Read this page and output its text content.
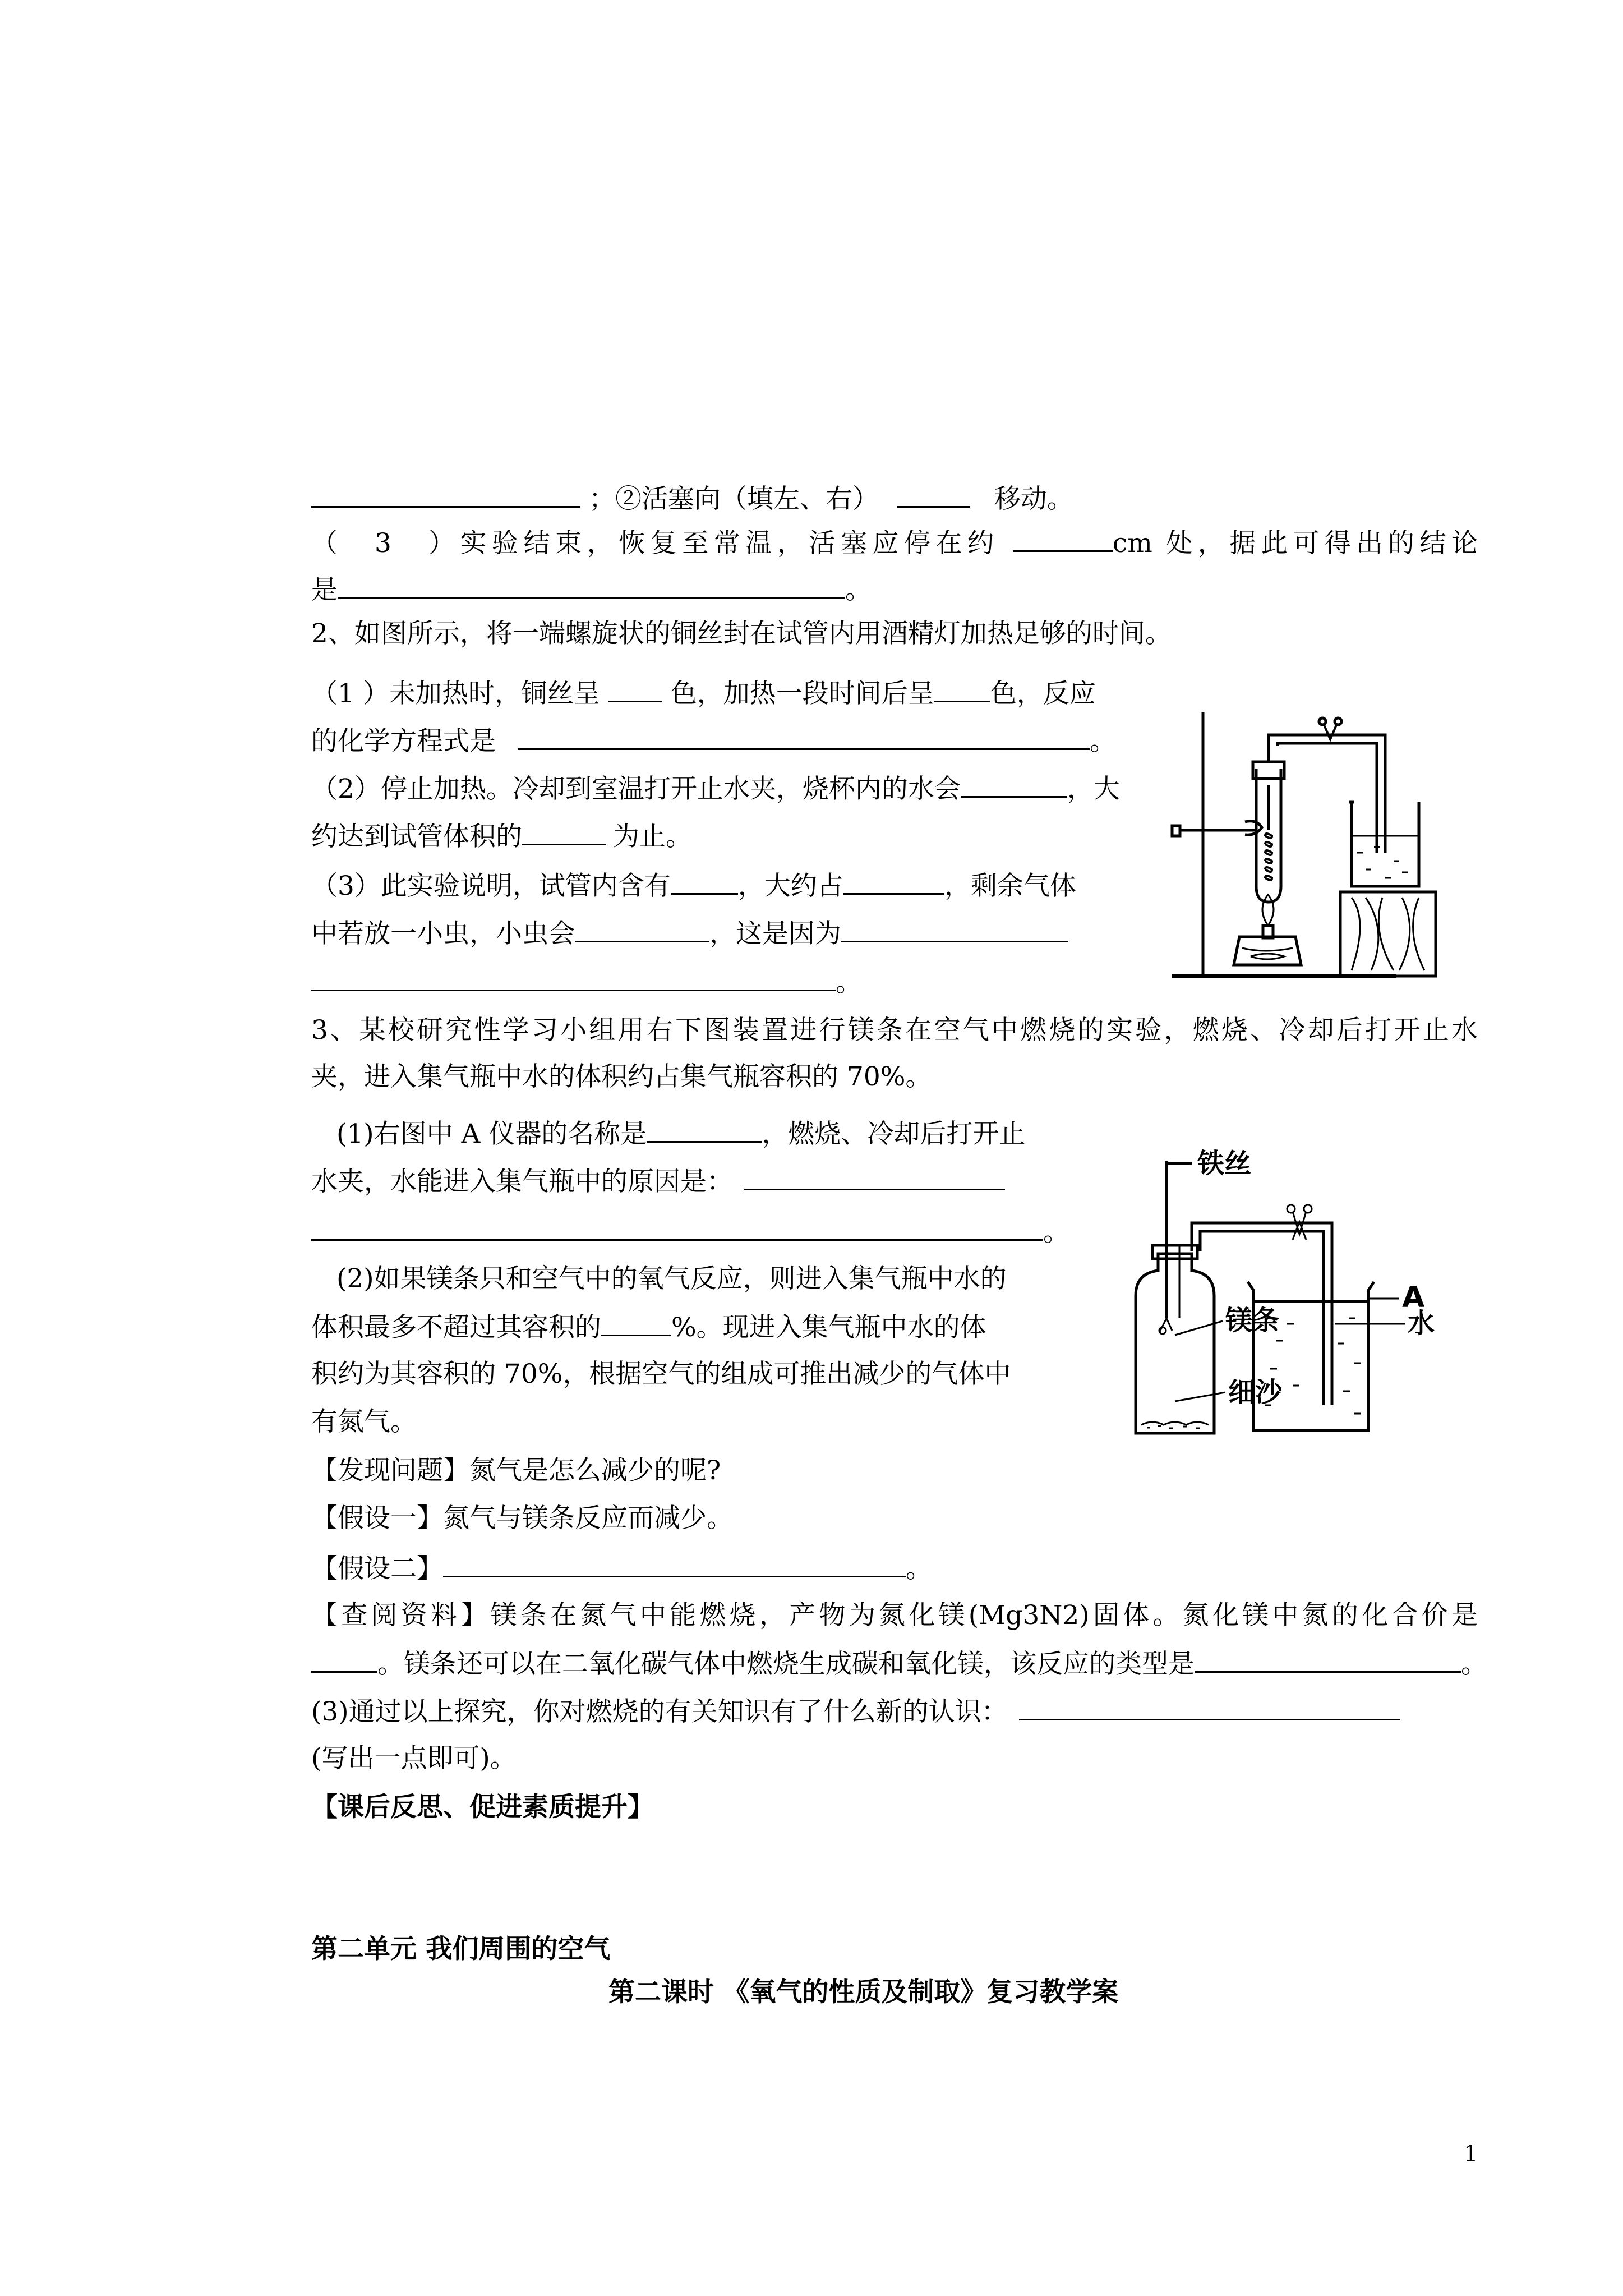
；②活塞向（填左、右）	移动。
（　3　）实验结束，恢复至常温，活塞应停在约	cm 处，据此可得出的结论
是	。
2、如图所示，将一端螺旋状的铜丝封在试管内用酒精灯加热足够的时间。
（1 ）未加热时，铜丝呈	色，加热一段时间后呈 色，反应
的化学方程式是	。
（2）停止加热。冷却到室温打开止水夹，烧杯内的水会	，大
约达到试管体积的	为止。
（3）此实验说明，试管内含有	，大约占	，剩余气体
中若放一小虫，小虫会	，这是因为
。
3、某校研究性学习小组用右下图装置进行镁条在空气中燃烧的实验，燃烧、冷却后打开止水
夹，进入集气瓶中水的体积约占集气瓶容积的 70%。
(1)右图中 A 仪器的名称是	，燃烧、冷却后打开止
水夹，水能进入集气瓶中的原因是：
。
(2)如果镁条只和空气中的氧气反应，则进入集气瓶中水的
体积最多不超过其容积的	%。现进入集气瓶中水的体
积约为其容积的 70%，根据空气的组成可推出减少的气体中
有氮气。
铁丝
A
镁条	水
细沙
【发现问题】氮气是怎么减少的呢?
【假设一】氮气与镁条反应而减少。
【假设二】	。
【查阅资料】镁条在氮气中能燃烧，产物为氮化镁(Mg3N2)固体。氮化镁中氮的化合价是
。镁条还可以在二氧化碳气体中燃烧生成碳和氧化镁，该反应的类型是	。
(3)通过以上探究，你对燃烧的有关知识有了什么新的认识：
(写出一点即可)。
【课后反思、促进素质提升】
第二单元 我们周围的空气
第二课时 《氧气的性质及制取》复习教学案
1
